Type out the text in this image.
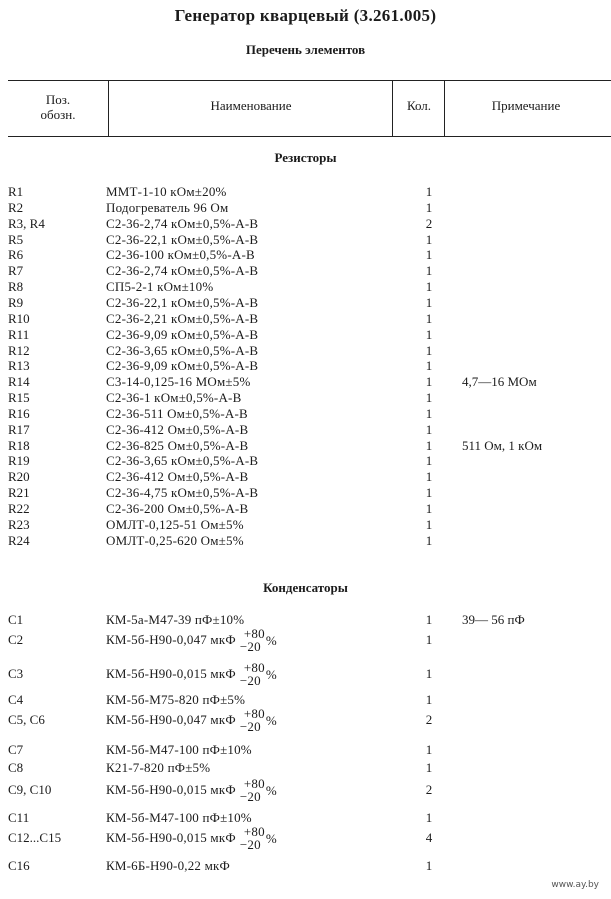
Генератор кварцевый (3.261.005)
Перечень элементов
Поз.
обозн.
Наименование	Кол.	Примечание
Резисторы
R1	ММТ-1-10 кОм±20%	1
R2	Подогреватель 96 Ом	1
R3, R4	С2-36-2,74 кОм±0,5%-А-В	2
R5	С2-36-22,1 кОм±0,5%-А-В	1
R6	С2-36-100 кОм±0,5%-А-В	1
R7	С2-36-2,74 кОм±0,5%-А-В	1
R8	СП5-2-1 кОм±10%	1
R9	С2-36-22,1 кОм±0,5%-А-В	1
R10	С2-36-2,21 кОм±0,5%-А-В	1
R11	С2-36-9,09 кОм±0,5%-А-В	1
R12	С2-36-3,65 кОм±0,5%-А-В	1
R13	С2-36-9,09 кОм±0,5%-А-В	1
R14	С3-14-0,125-16 МОм±5%	1 4,7—16 МОм
R15	С2-36-1 кОм±0,5%-А-В	1
R16	С2-36-511 Ом±0,5%-А-В	1
R17	С2-36-412 Ом±0,5%-А-В	1
R18	С2-36-825 Ом±0,5%-А-В	1 511 Ом, 1 кОм
R19	С2-36-3,65 кОм±0,5%-А-В	1
R20	С2-36-412 Ом±0,5%-А-В	1
R21	С2-36-4,75 кОм±0,5%-А-В	1
R22	С2-36-200 Ом±0,5%-А-В	1
R23	ОМЛТ-0,125-51 Ом±5%	1
R24	ОМЛТ-0,25-620 Ом±5%	1
Конденсаторы
C1	КМ-5а-М47-39 пФ±10%	1 39— 56 пФ
C2	КМ-5б-Н90-0,047 мкФ +80
−20 %	1
C3	КМ-5б-Н90-0,015 мкФ +80
−20 %	1
C4	КМ-5б-М75-820 пФ±5%	1
C5, C6	КМ-5б-Н90-0,047 мкФ +80
−20 %	2
C7	КМ-5б-М47-100 пФ±10%	1
C8	К21-7-820 пФ±5%	1
C9, C10	КМ-5б-Н90-0,015 мкФ +80
−20 %	2
C11	КМ-5б-М47-100 пФ±10%	1
C12...C15	КМ-5б-Н90-0,015 мкФ +80
−20 %	4
C16	КМ-6Б-Н90-0,22 мкФ	1
www.ay.by
